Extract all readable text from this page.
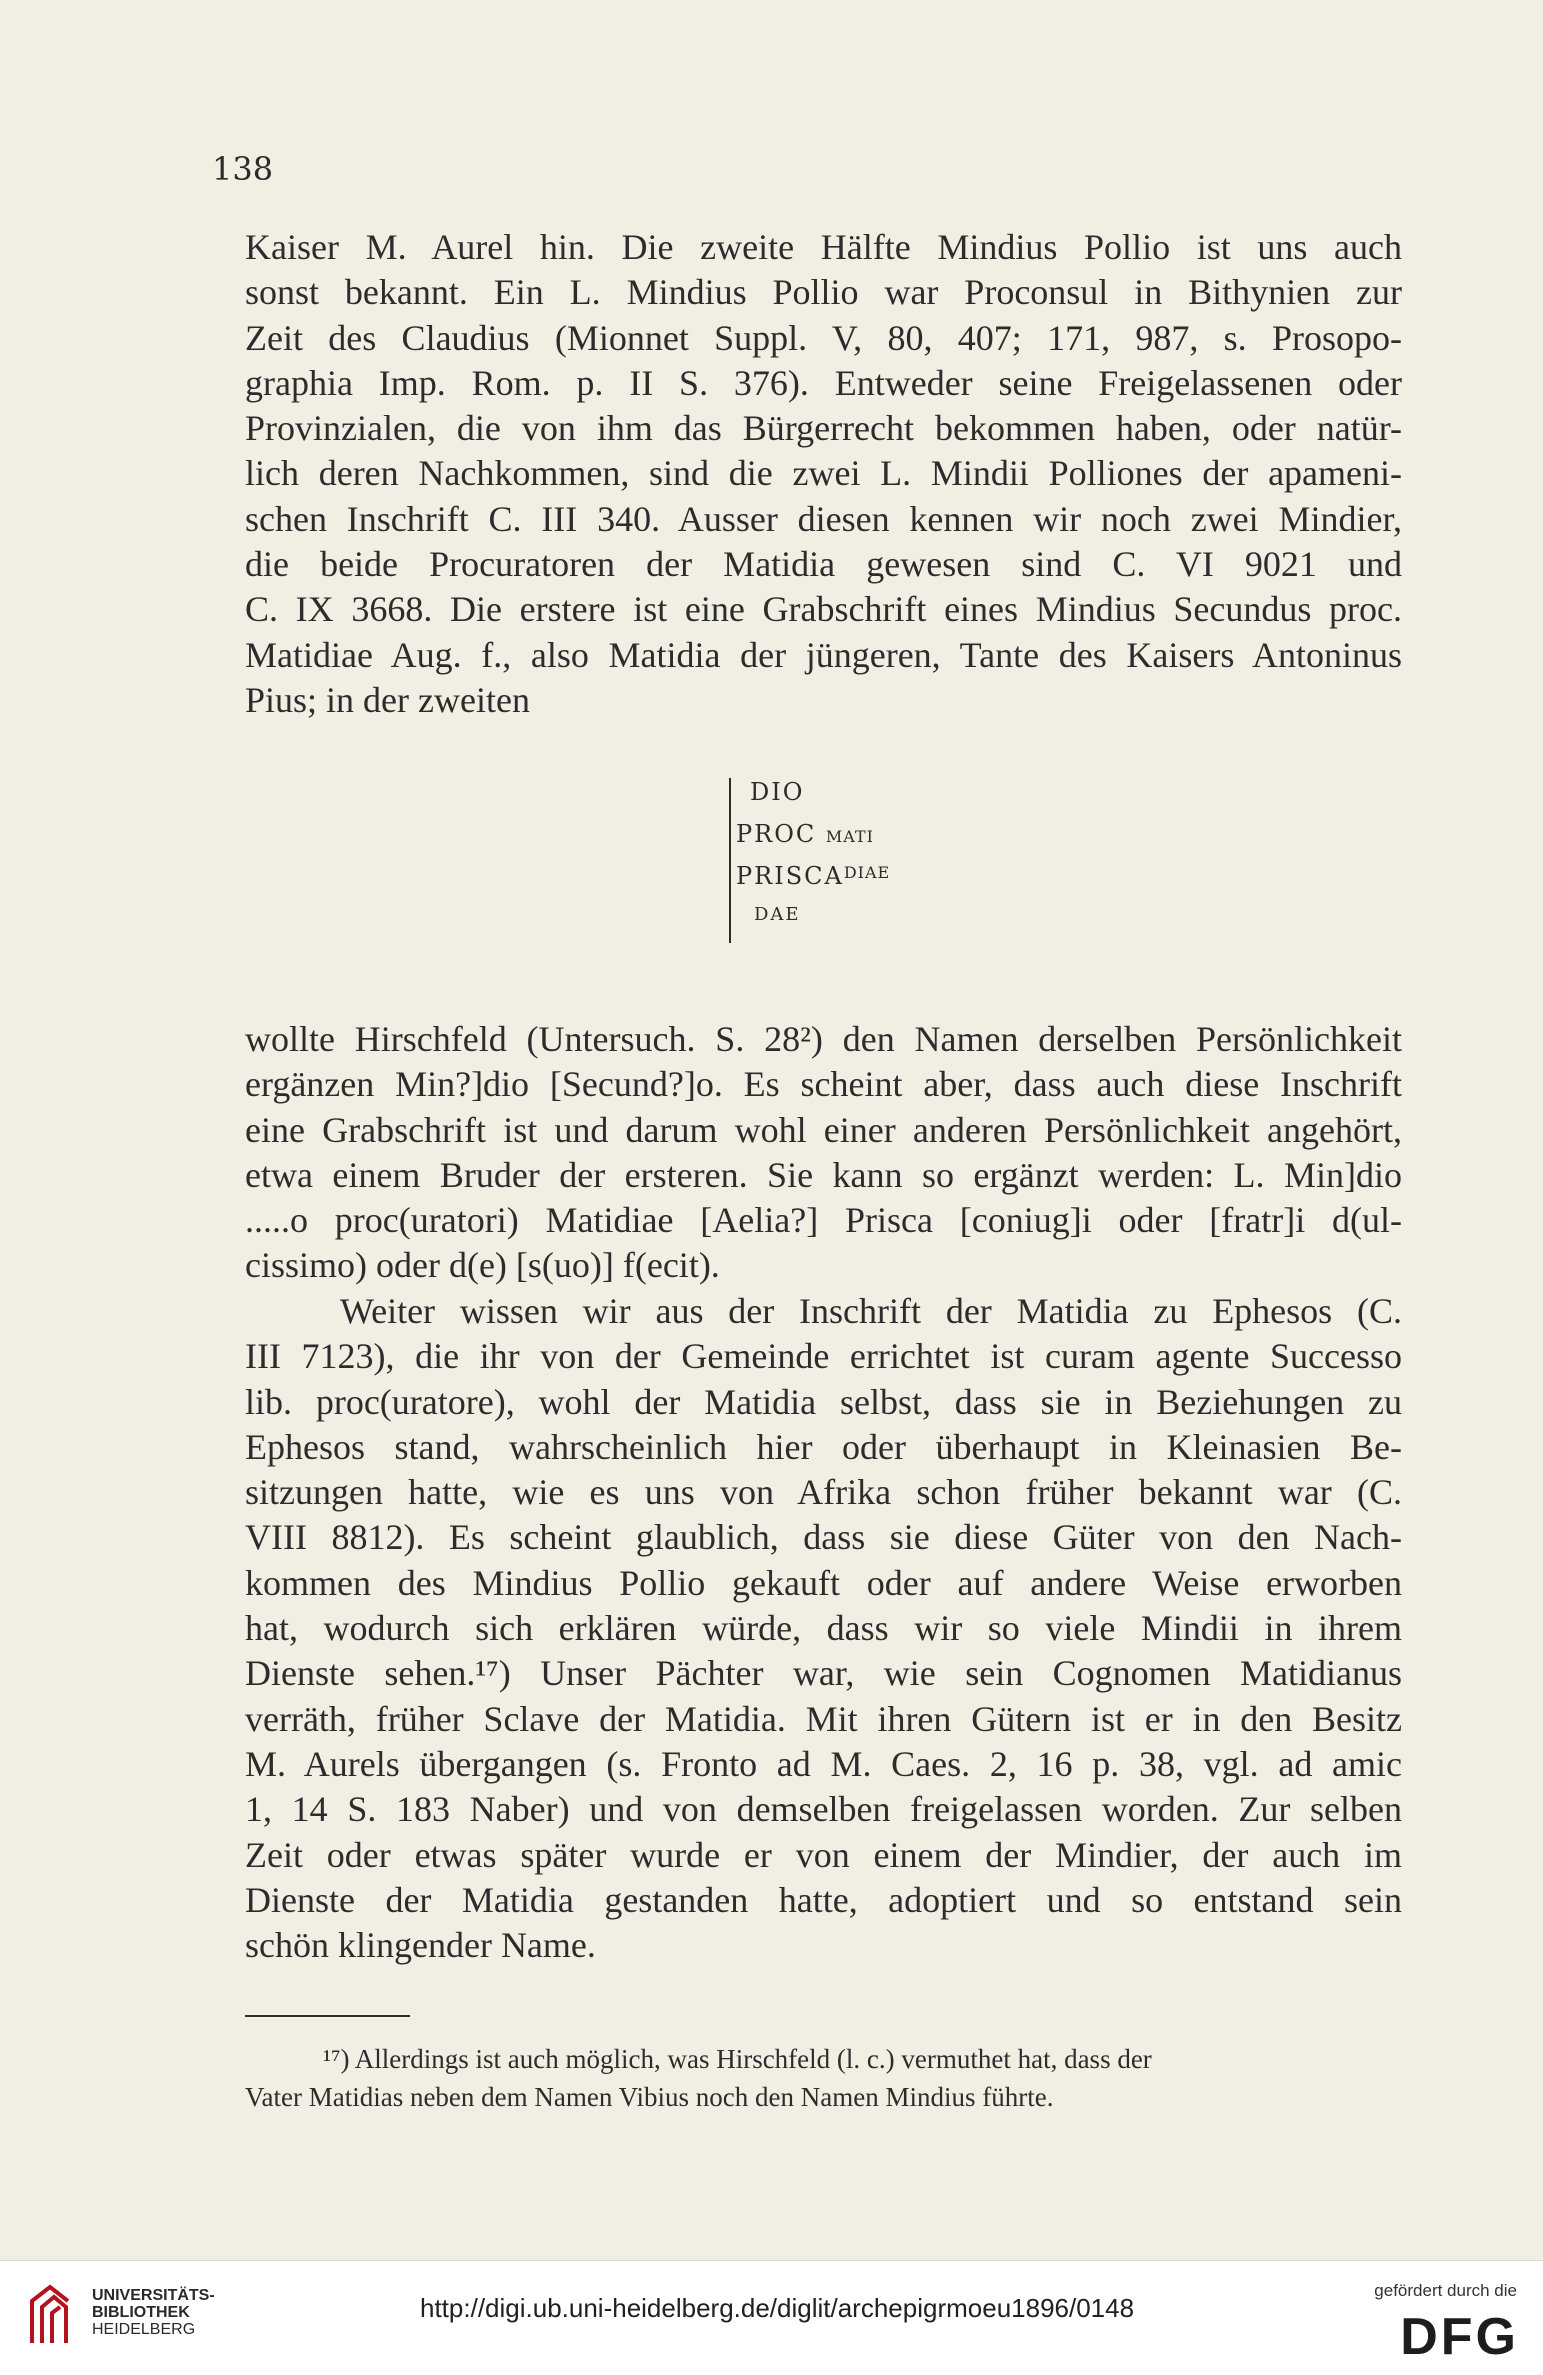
138
Kaiser M. Aurel hin. Die zweite Hälfte Mindius Pollio ist uns auch
sonst bekannt. Ein L. Mindius Pollio war Proconsul in Bithynien zur
Zeit des Claudius (Mionnet Suppl. V, 80, 407; 171, 987, s. Prosopo-
graphia Imp. Rom. p. II S. 376). Entweder seine Freigelassenen oder
Provinzialen, die von ihm das Bürgerrecht bekommen haben, oder natür-
lich deren Nachkommen, sind die zwei L. Mindii Polliones der apameni-
schen Inschrift C. III 340. Ausser diesen kennen wir noch zwei Mindier,
die beide Procuratoren der Matidia gewesen sind C. VI 9021 und
C. IX 3668. Die erstere ist eine Grabschrift eines Mindius Secundus proc.
Matidiae Aug. f., also Matidia der jüngeren, Tante des Kaisers Antoninus
Pius; in der zweiten
DIO
PROC MATI
$PRISCA^{DIAE}$
DAE
wollte Hirschfeld (Untersuch. S. 28²) den Namen derselben Persönlichkeit
ergänzen Min?]dio [Secund?]o. Es scheint aber, dass auch diese Inschrift
eine Grabschrift ist und darum wohl einer anderen Persönlichkeit angehört,
etwa einem Bruder der ersteren. Sie kann so ergänzt werden: L. Min]dio
.....o proc(uratori) Matidiae [Aelia?] Prisca [coniug]i oder [fratr]i d(ul-
cissimo) oder d(e) [s(uo)] f(ecit).
Weiter wissen wir aus der Inschrift der Matidia zu Ephesos (C.
III 7123), die ihr von der Gemeinde errichtet ist curam agente Successo
lib. proc(uratore), wohl der Matidia selbst, dass sie in Beziehungen zu
Ephesos stand, wahrscheinlich hier oder überhaupt in Kleinasien Be-
sitzungen hatte, wie es uns von Afrika schon früher bekannt war (C.
VIII 8812). Es scheint glaublich, dass sie diese Güter von den Nach-
kommen des Mindius Pollio gekauft oder auf andere Weise erworben
hat, wodurch sich erklären würde, dass wir so viele Mindii in ihrem
Dienste sehen.¹⁷) Unser Pächter war, wie sein Cognomen Matidianus
verräth, früher Sclave der Matidia. Mit ihren Gütern ist er in den Besitz
M. Aurels übergangen (s. Fronto ad M. Caes. 2, 16 p. 38, vgl. ad amic
1, 14 S. 183 Naber) und von demselben freigelassen worden. Zur selben
Zeit oder etwas später wurde er von einem der Mindier, der auch im
Dienste der Matidia gestanden hatte, adoptiert und so entstand sein
schön klingender Name.
¹⁷) Allerdings ist auch möglich, was Hirschfeld (l. c.) vermuthet hat, dass der
Vater Matidias neben dem Namen Vibius noch den Namen Mindius führte.
UNIVERSITÄTS-
BIBLIOTHEK
HEIDELBERG
http://digi.ub.uni-heidelberg.de/diglit/archepigrmoeu1896/0148
gefördert durch die
DFG
